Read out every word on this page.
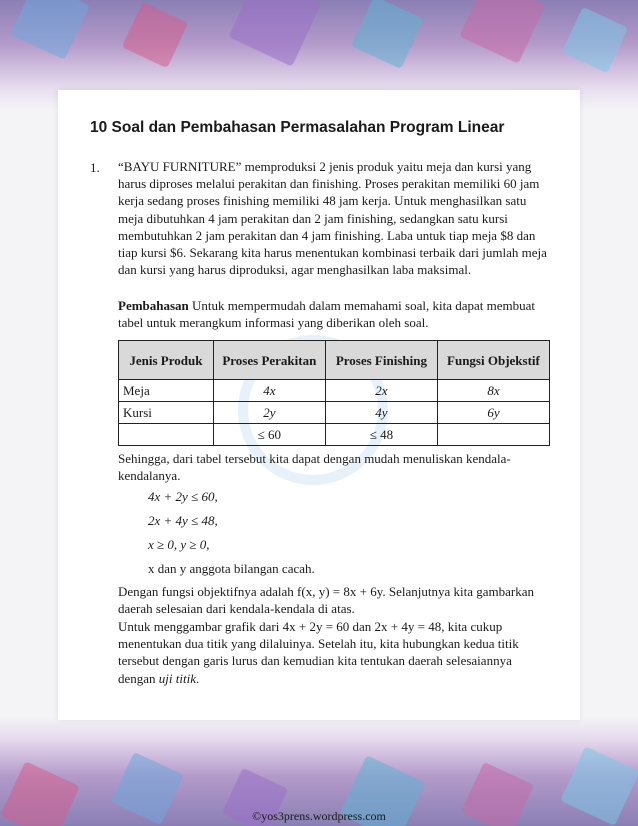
10 Soal dan Pembahasan Permasalahan Program Linear
1. “BAYU FURNITURE” memproduksi 2 jenis produk yaitu meja dan kursi yang harus diproses melalui perakitan dan finishing. Proses perakitan memiliki 60 jam kerja sedang proses finishing memiliki 48 jam kerja. Untuk menghasilkan satu meja dibutuhkan 4 jam perakitan dan 2 jam finishing, sedangkan satu kursi membutuhkan 2 jam perakitan dan 4 jam finishing. Laba untuk tiap meja $8 dan tiap kursi $6. Sekarang kita harus menentukan kombinasi terbaik dari jumlah meja dan kursi yang harus diproduksi, agar menghasilkan laba maksimal.
Pembahasan Untuk mempermudah dalam memahami soal, kita dapat membuat tabel untuk merangkum informasi yang diberikan oleh soal.
Jenis Produk	Proses Perakitan	Proses Finishing	Fungsi Objekstif
Meja	4x	2x	8x
Kursi	2y	4y	6y
	≤ 60	≤ 48	
Sehingga, dari tabel tersebut kita dapat dengan mudah menuliskan kendala-kendalanya.
4x + 2y ≤ 60,
2x + 4y ≤ 48,
x ≥ 0, y ≥ 0,
x dan y anggota bilangan cacah.
Dengan fungsi objektifnya adalah f(x, y) = 8x + 6y. Selanjutnya kita gambarkan daerah selesaian dari kendala-kendala di atas.
Untuk menggambar grafik dari 4x + 2y = 60 dan 2x + 4y = 48, kita cukup menentukan dua titik yang dilaluinya. Setelah itu, kita hubungkan kedua titik tersebut dengan garis lurus dan kemudian kita tentukan daerah selesaiannya dengan uji titik.
©yos3prens.wordpress.com
